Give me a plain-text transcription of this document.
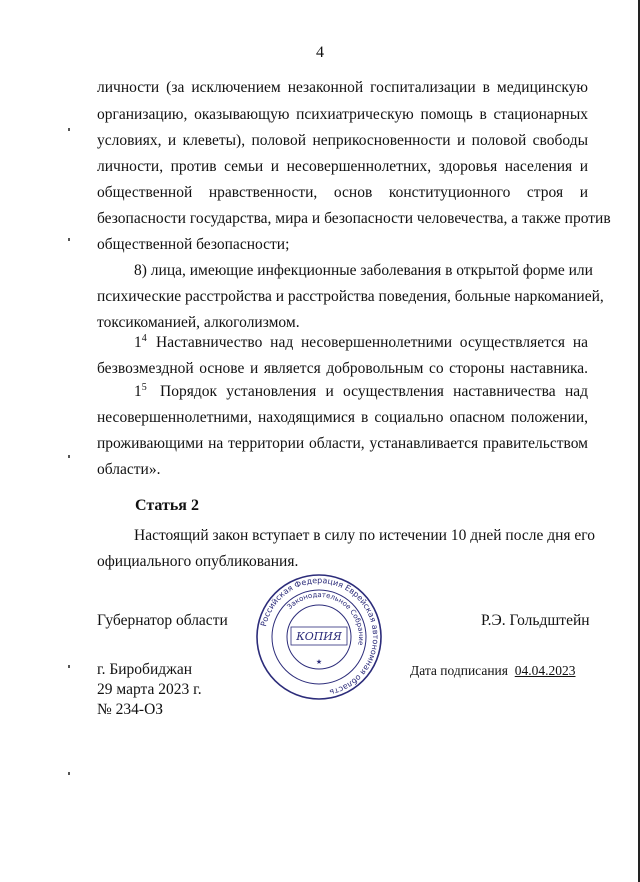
4
личности (за исключением незаконной госпитализации в медицинскую
организацию, оказывающую психиатрическую помощь в стационарных
условиях, и клеветы), половой неприкосновенности и половой свободы
личности, против семьи и несовершеннолетних, здоровья населения и
общественной нравственности, основ конституционного строя и
безопасности государства, мира и безопасности человечества, а также против
общественной безопасности;
8) лица, имеющие инфекционные заболевания в открытой форме или
психические расстройства и расстройства поведения, больные наркоманией,
токсикоманией, алкоголизмом.
$1^4$ Наставничество над несовершеннолетними осуществляется на
безвозмездной основе и является добровольным со стороны наставника.
$1^5$ Порядок установления и осуществления наставничества над
несовершеннолетними, находящимися в социально опасном положении,
проживающими на территории области, устанавливается правительством
области».
Статья 2
Настоящий закон вступает в силу по истечении 10 дней после дня его
официального опубликования.
Губернатор области	Р.Э. Гольдштейн
г. Биробиджан
29 марта 2023 г.
№ 234-ОЗ
Дата подписания 04.04.2023
Российская Федерация Еврейская автономная область
Законодательное Собрание
КОПИЯ
★
